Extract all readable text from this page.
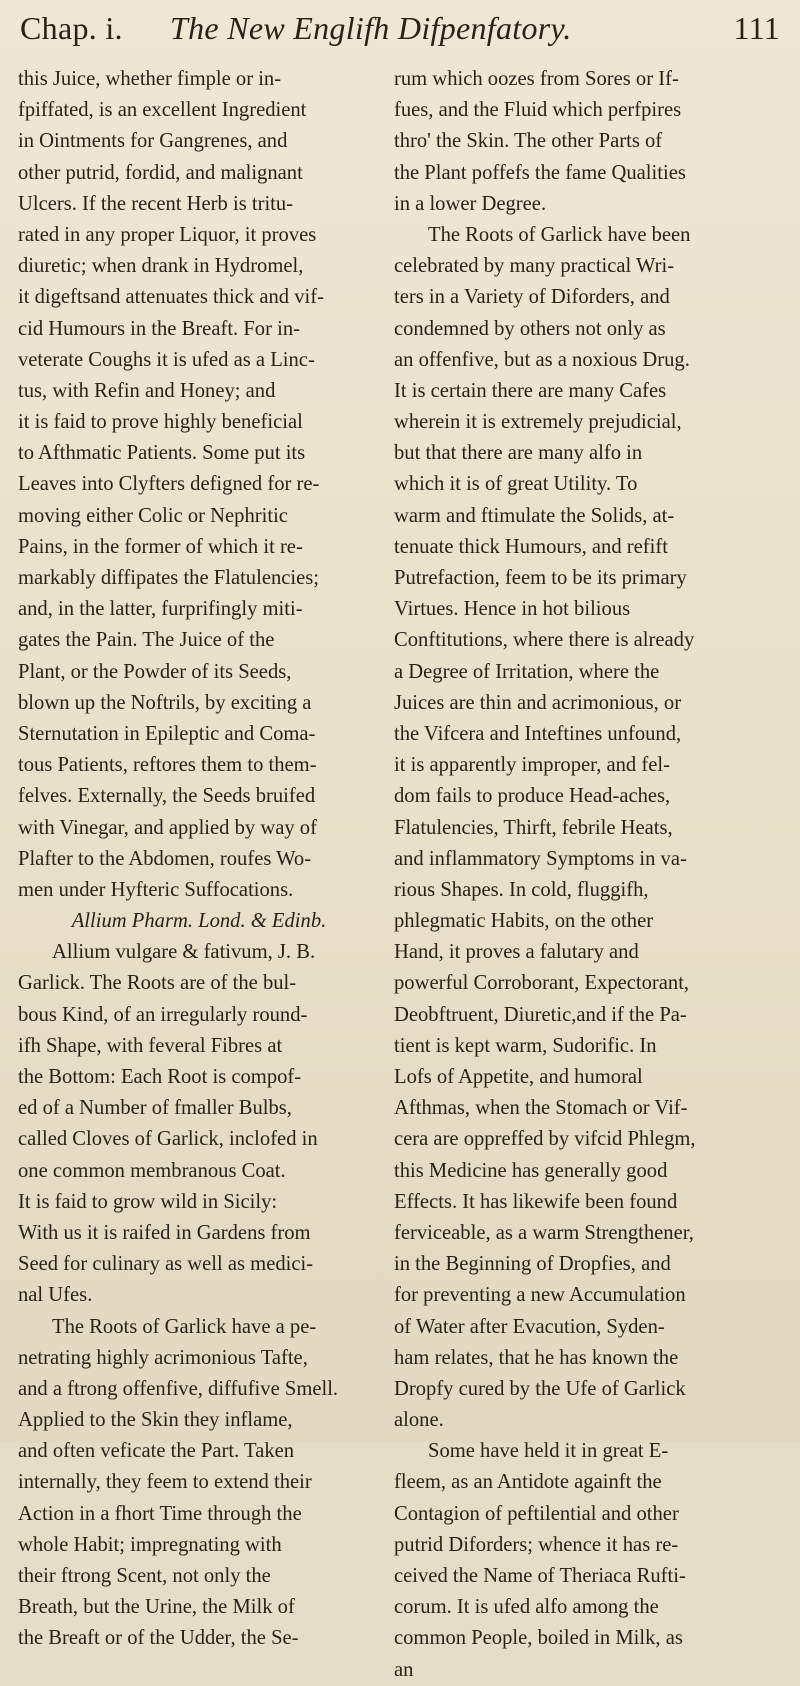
Chap. i. The New Englifh Difpenfatory.	111
this Juice, whether fimple or in-
fpiffated, is an excellent Ingredient
in Ointments for Gangrenes, and
other putrid, fordid, and malignant
Ulcers. If the recent Herb is tritu-
rated in any proper Liquor, it proves
diuretic; when drank in Hydromel,
it digeftsand attenuates thick and vif-
cid Humours in the Breaft. For in-
veterate Coughs it is ufed as a Linc-
tus, with Refin and Honey; and
it is faid to prove highly beneficial
to Afthmatic Patients. Some put its
Leaves into Clyfters defigned for re-
moving either Colic or Nephritic
Pains, in the former of which it re-
markably diffipates the Flatulencies;
and, in the latter, furprifingly miti-
gates the Pain. The Juice of the
Plant, or the Powder of its Seeds,
blown up the Noftrils, by exciting a
Sternutation in Epileptic and Coma-
tous Patients, reftores them to them-
felves. Externally, the Seeds bruifed
with Vinegar, and applied by way of
Plafter to the Abdomen, roufes Wo-
men under Hyfteric Suffocations.
Allium Pharm. Lond. & Edinb.
Allium vulgare & fativum, J. B.
Garlick. The Roots are of the bul-
bous Kind, of an irregularly round-
ifh Shape, with feveral Fibres at
the Bottom: Each Root is compof-
ed of a Number of fmaller Bulbs,
called Cloves of Garlick, inclofed in
one common membranous Coat.
It is faid to grow wild in Sicily:
With us it is raifed in Gardens from
Seed for culinary as well as medici-
nal Ufes.
The Roots of Garlick have a pe-
netrating highly acrimonious Tafte,
and a ftrong offenfive, diffufive Smell.
Applied to the Skin they inflame,
and often veficate the Part. Taken
internally, they feem to extend their
Action in a fhort Time through the
whole Habit; impregnating with
their ftrong Scent, not only the
Breath, but the Urine, the Milk of
the Breaft or of the Udder, the Se-
rum which oozes from Sores or If-
fues, and the Fluid which perfpires
thro' the Skin. The other Parts of
the Plant poffefs the fame Qualities
in a lower Degree.
The Roots of Garlick have been
celebrated by many practical Wri-
ters in a Variety of Diforders, and
condemned by others not only as
an offenfive, but as a noxious Drug.
It is certain there are many Cafes
wherein it is extremely prejudicial,
but that there are many alfo in
which it is of great Utility. To
warm and ftimulate the Solids, at-
tenuate thick Humours, and refift
Putrefaction, feem to be its primary
Virtues. Hence in hot bilious
Conftitutions, where there is already
a Degree of Irritation, where the
Juices are thin and acrimonious, or
the Vifcera and Inteftines unfound,
it is apparently improper, and fel-
dom fails to produce Head-aches,
Flatulencies, Thirft, febrile Heats,
and inflammatory Symptoms in va-
rious Shapes. In cold, fluggifh,
phlegmatic Habits, on the other
Hand, it proves a falutary and
powerful Corroborant, Expectorant,
Deobftruent, Diuretic,and if the Pa-
tient is kept warm, Sudorific. In
Lofs of Appetite, and humoral
Afthmas, when the Stomach or Vif-
cera are oppreffed by vifcid Phlegm,
this Medicine has generally good
Effects. It has likewife been found
ferviceable, as a warm Strengthener,
in the Beginning of Dropfies, and
for preventing a new Accumulation
of Water after Evacution, Syden-
ham relates, that he has known the
Dropfy cured by the Ufe of Garlick
alone.
Some have held it in great E-
fleem, as an Antidote againft the
Contagion of peftilential and other
putrid Diforders; whence it has re-
ceived the Name of Theriaca Rufti-
corum. It is ufed alfo among the
common People, boiled in Milk, as
an
